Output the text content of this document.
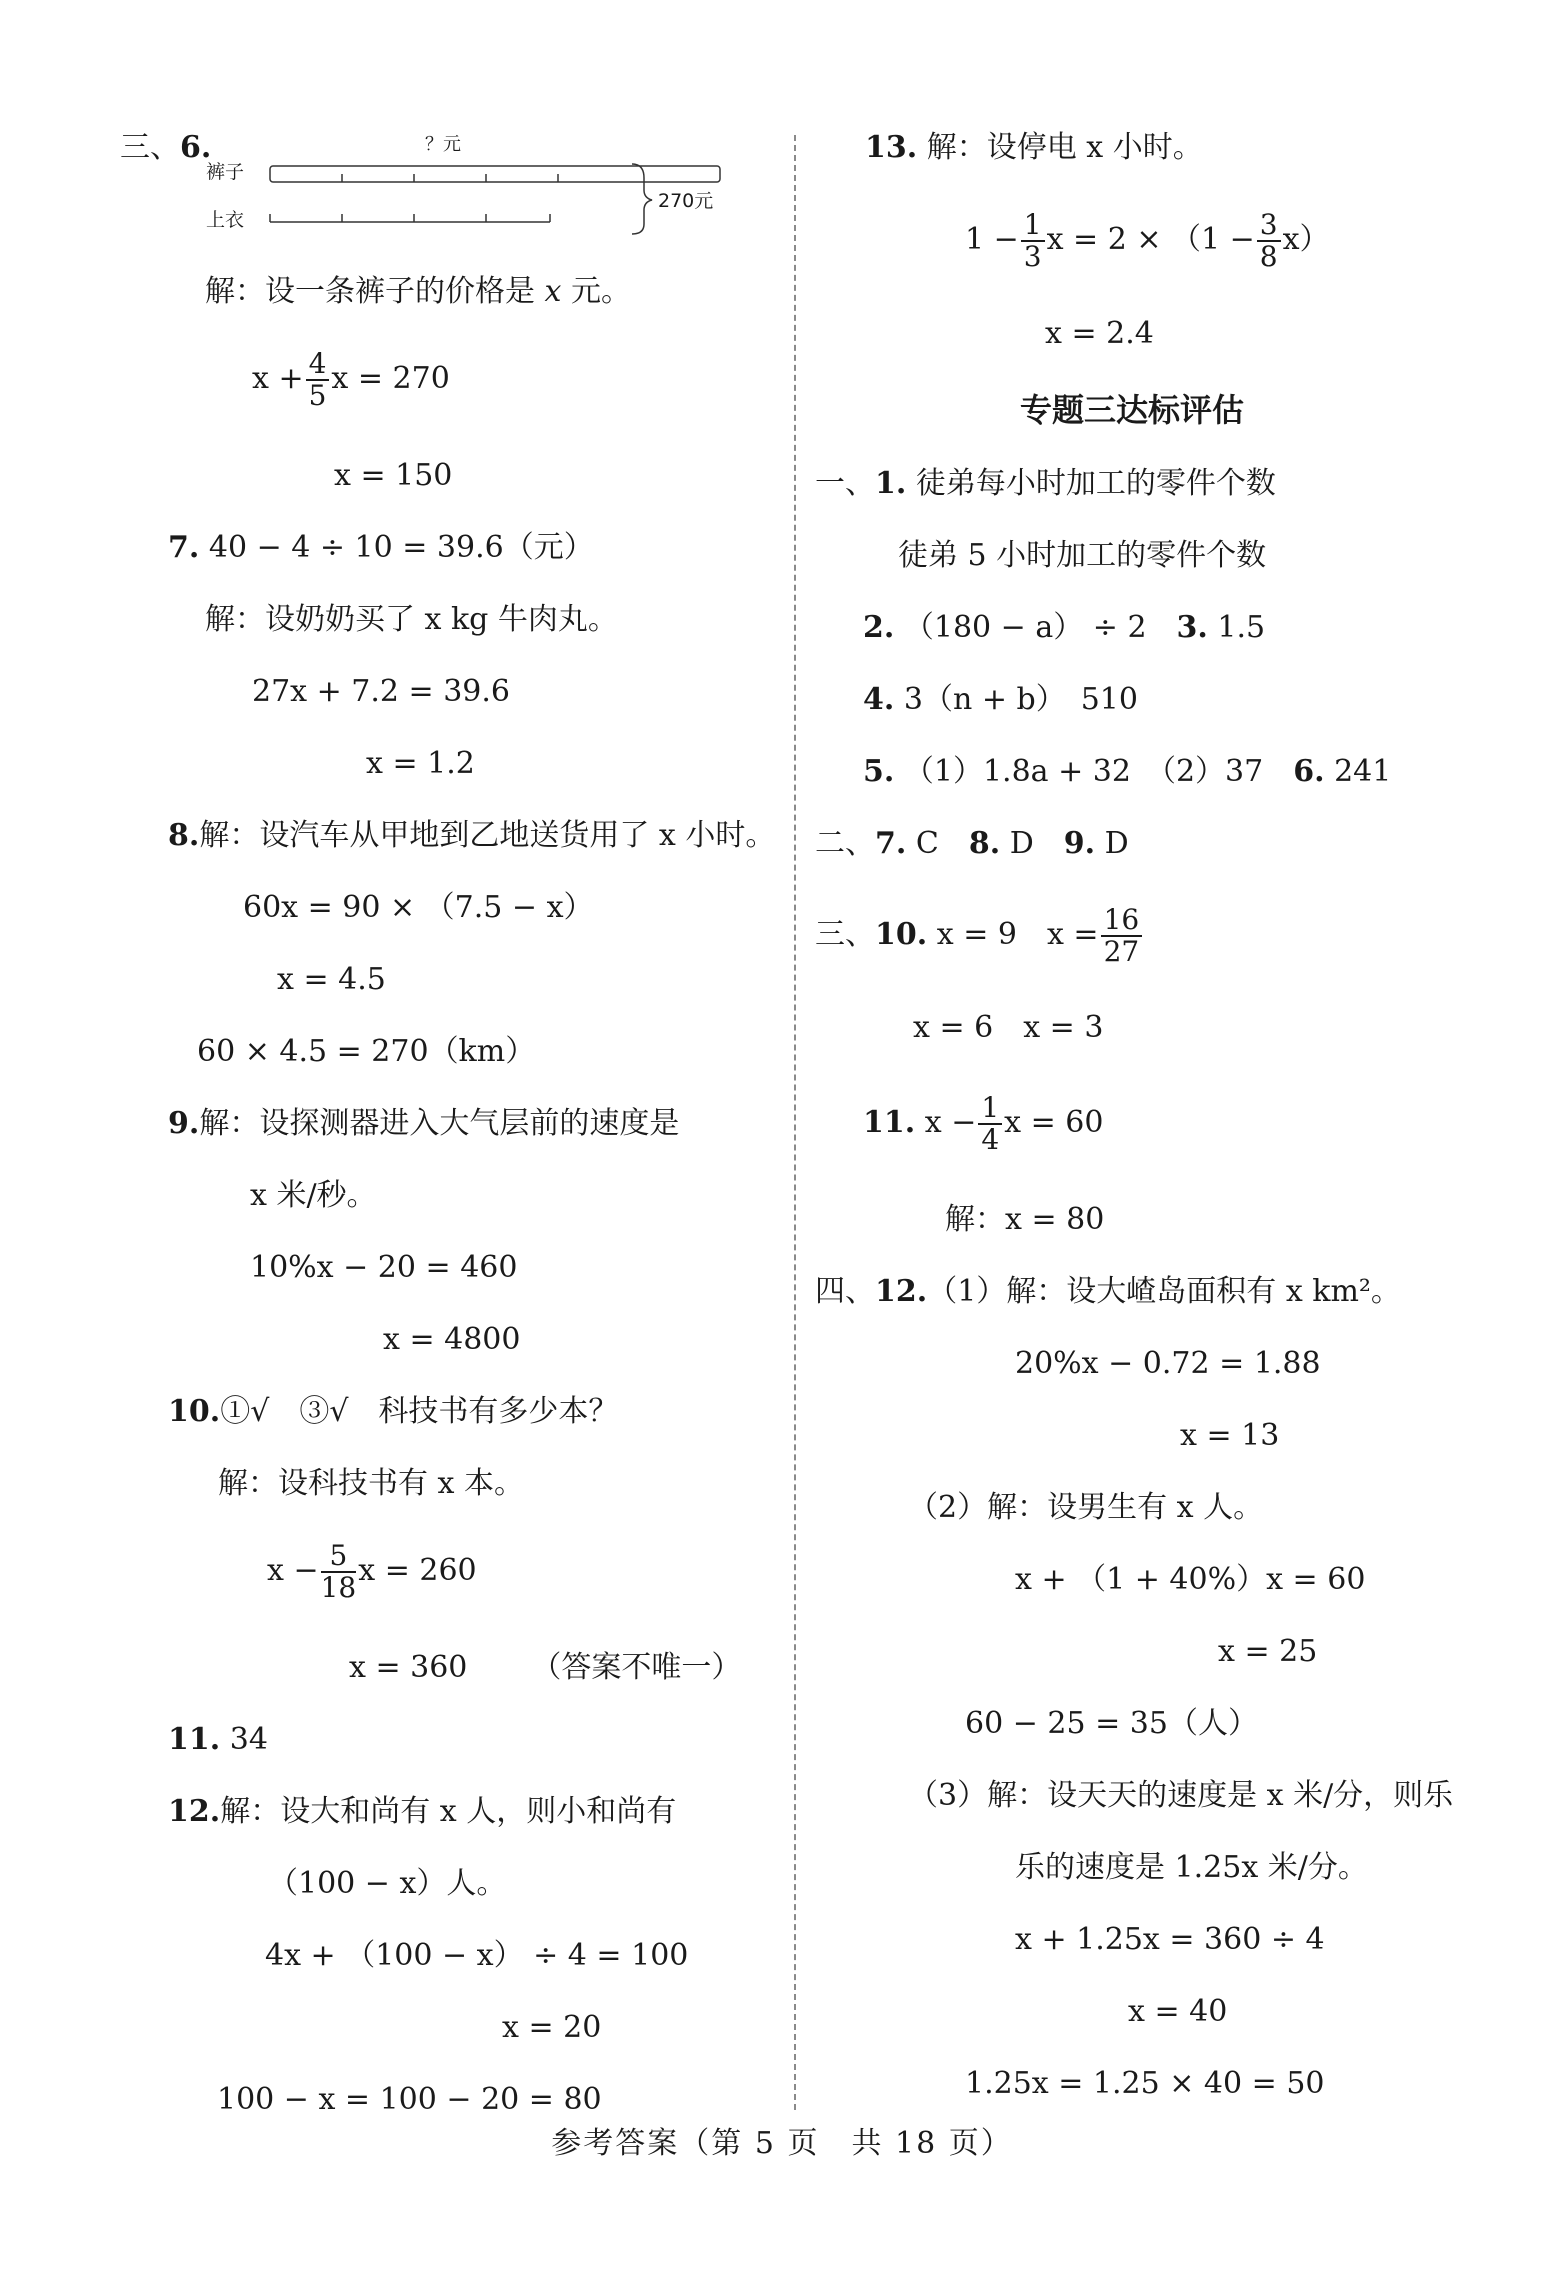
三、6.	？元
裤子
上衣
270元
解：设一条裤子的价格是 x 元。
$x + \frac{4}{5}$ x = 270
x = 150
7. 40 − 4 ÷ 10 = 39.6（元）
解：设奶奶买了 x kg 牛肉丸。
27x + 7.2 = 39.6
x = 1.2
8.解：设汽车从甲地到乙地送货用了 x 小时。
60x = 90 × （7.5 − x）
x = 4.5
60 × 4.5 = 270（km）
9.解：设探测器进入大气层前的速度是
x 米/秒。
10%x − 20 = 460
x = 4800
10.①√　③√　科技书有多少本？
解：设科技书有 x 本。
$x - \frac{5}{18}$ x = 260
x = 360 （答案不唯一）
11. 34
12.解：设大和尚有 x 人，则小和尚有
（100 − x）人。
4x + （100 − x） ÷ 4 = 100
x = 20
100 − x = 100 − 20 = 80
13. 解：设停电 x 小时。
$1 - \frac{1}{3}$ $x = 2 \times (1 - \frac{3}{8} x)$
x = 2.4
专题三达标评估
一、1. 徒弟每小时加工的零件个数
徒弟 5 小时加工的零件个数
2. （180 − a） ÷ 2　 3. 1.5
4. 3（n + b）　510
5. （1）1.8a + 32　（2）37　 6. 241
二、7. C　 8. D　 9. D
三、10. x = 9　 $x = \frac{16}{27}$
x = 6　x = 3
11. $x - \frac{1}{4}$ x = 60
解：x = 80
四、12.（1）解：设大嵖岛面积有 x km²。
20%x − 0.72 = 1.88
x = 13
（2）解：设男生有 x 人。
x + （1 + 40%）x = 60
x = 25
60 − 25 = 35（人）
（3）解：设天天的速度是 x 米/分，则乐
乐的速度是 1.25x 米/分。
x + 1.25x = 360 ÷ 4
x = 40
1.25x = 1.25 × 40 = 50
参考答案（第 5 页　共 18 页）
